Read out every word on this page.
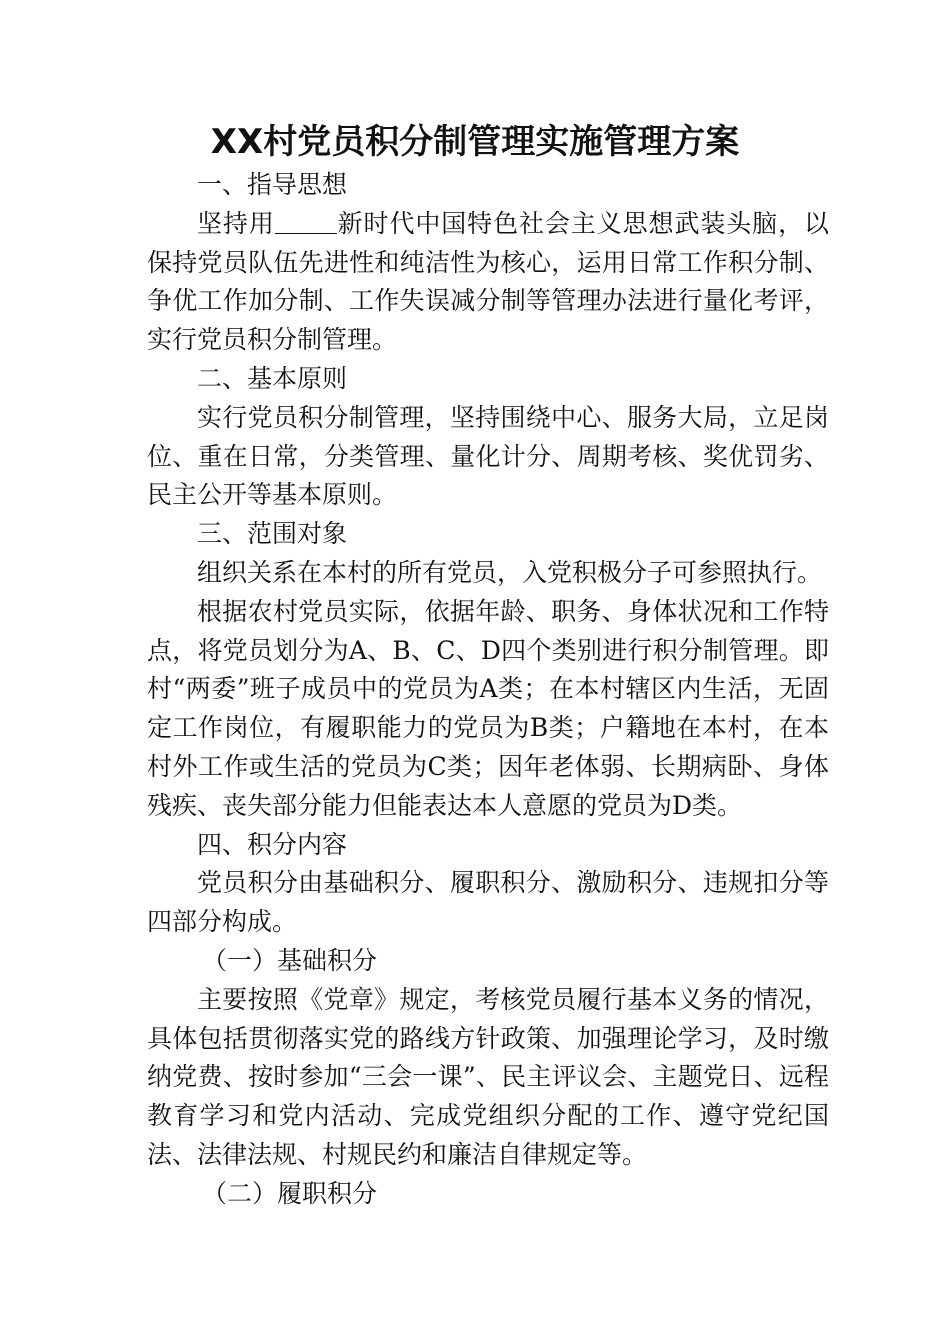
XX村党员积分制管理实施管理方案

一、指导思想

坚持用 新时代中国特色社会主义思想武装头脑，以保持党员队伍先进性和纯洁性为核心，运用日常工作积分制、争优工作加分制、工作失误减分制等管理办法进行量化考评，实行党员积分制管理。

二、基本原则

实行党员积分制管理，坚持围绕中心、服务大局，立足岗位、重在日常，分类管理、量化计分、周期考核、奖优罚劣、民主公开等基本原则。

三、范围对象

组织关系在本村的所有党员，入党积极分子可参照执行。

根据农村党员实际，依据年龄、职务、身体状况和工作特点，将党员划分为A、B、C、D四个类别进行积分制管理。即村“两委”班子成员中的党员为A类；在本村辖区内生活，无固定工作岗位，有履职能力的党员为B类；户籍地在本村，在本村外工作或生活的党员为C类；因年老体弱、长期病卧、身体残疾、丧失部分能力但能表达本人意愿的党员为D类。

四、积分内容

党员积分由基础积分、履职积分、激励积分、违规扣分等四部分构成。

（一）基础积分

主要按照《党章》规定，考核党员履行基本义务的情况，具体包括贯彻落实党的路线方针政策、加强理论学习，及时缴纳党费、按时参加“三会一课”、民主评议会、主题党日、远程教育学习和党内活动、完成党组织分配的工作、遵守党纪国法、法律法规、村规民约和廉洁自律规定等。

（二）履职积分
